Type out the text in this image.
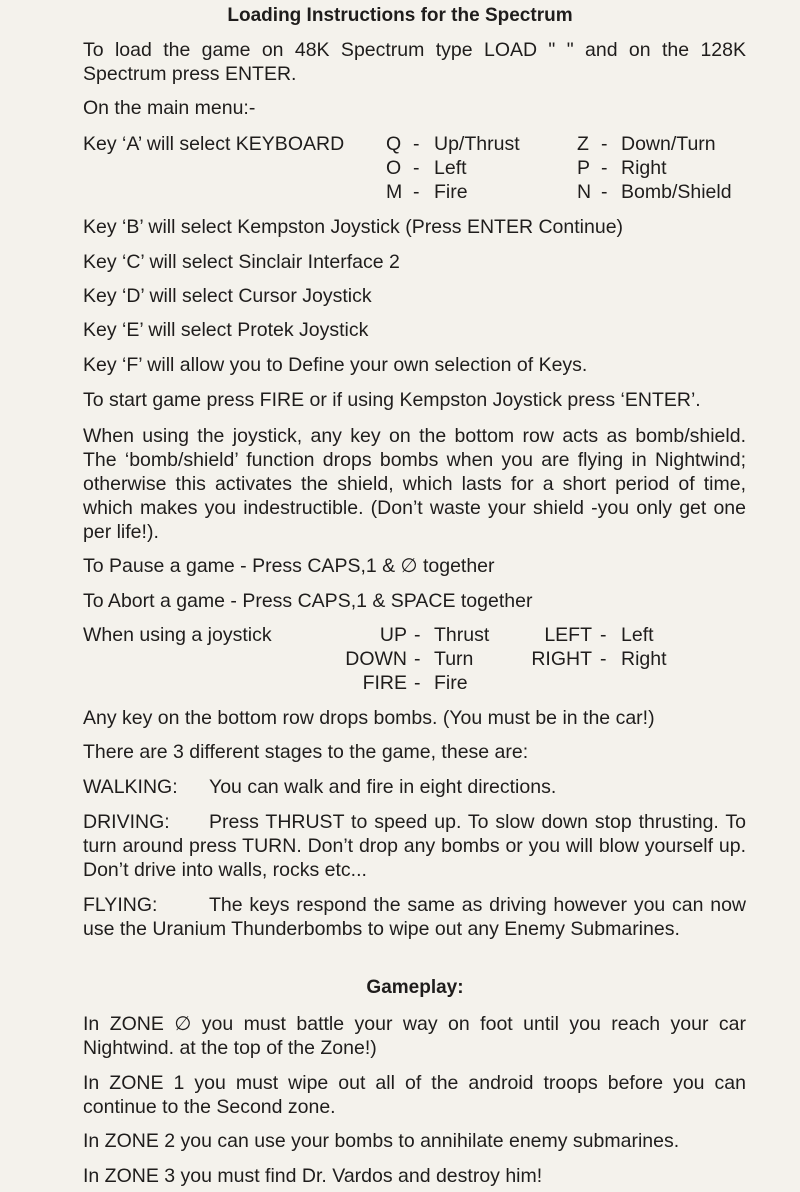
Loading Instructions for the Spectrum

To load the game on 48K Spectrum type LOAD " " and on the 128K Spectrum press ENTER.

On the main menu:-

Key ‘A’ will select KEYBOARD Q - Up/Thrust	Z - Down/Turn
O - Left	P - Right
M - Fire	N - Bomb/Shield
Key ‘B’ will select Kempston Joystick (Press ENTER Continue)
Key ‘C’ will select Sinclair Interface 2
Key ‘D’ will select Cursor Joystick
Key ‘E’ will select Protek Joystick
Key ‘F’ will allow you to Define your own selection of Keys.
To start game press FIRE or if using Kempston Joystick press ‘ENTER’.

When using the joystick, any key on the bottom row acts as bomb/shield. The ‘bomb/shield’ function drops bombs when you are flying in Nightwind; otherwise this activates the shield, which lasts for a short period of time, which makes you indestructible. (Don’t waste your shield -you only get one per life!).

To Pause a game - Press CAPS,1 & ∅ together
To Abort a game - Press CAPS,1 & SPACE together
When using a joystick	UP - Thrust	LEFT - Left
DOWN - Turn	RIGHT - Right
FIRE - Fire
Any key on the bottom row drops bombs. (You must be in the car!)
There are 3 different stages to the game, these are:
WALKING: You can walk and fire in eight directions.
DRIVING:	Press THRUST to speed up. To slow down stop thrusting. To turn around press TURN. Don’t drop any bombs or you will blow yourself up. Don’t drive into walls, rocks etc...

FLYING:	The keys respond the same as driving however you can now use the Uranium Thunderbombs to wipe out any Enemy Submarines.

Gameplay:

In ZONE ∅ you must battle your way on foot until you reach your car Nightwind. at the top of the Zone!)

In ZONE 1 you must wipe out all of the android troops before you can continue to the Second zone.

In ZONE 2 you can use your bombs to annihilate enemy submarines.
In ZONE 3 you must find Dr. Vardos and destroy him!
